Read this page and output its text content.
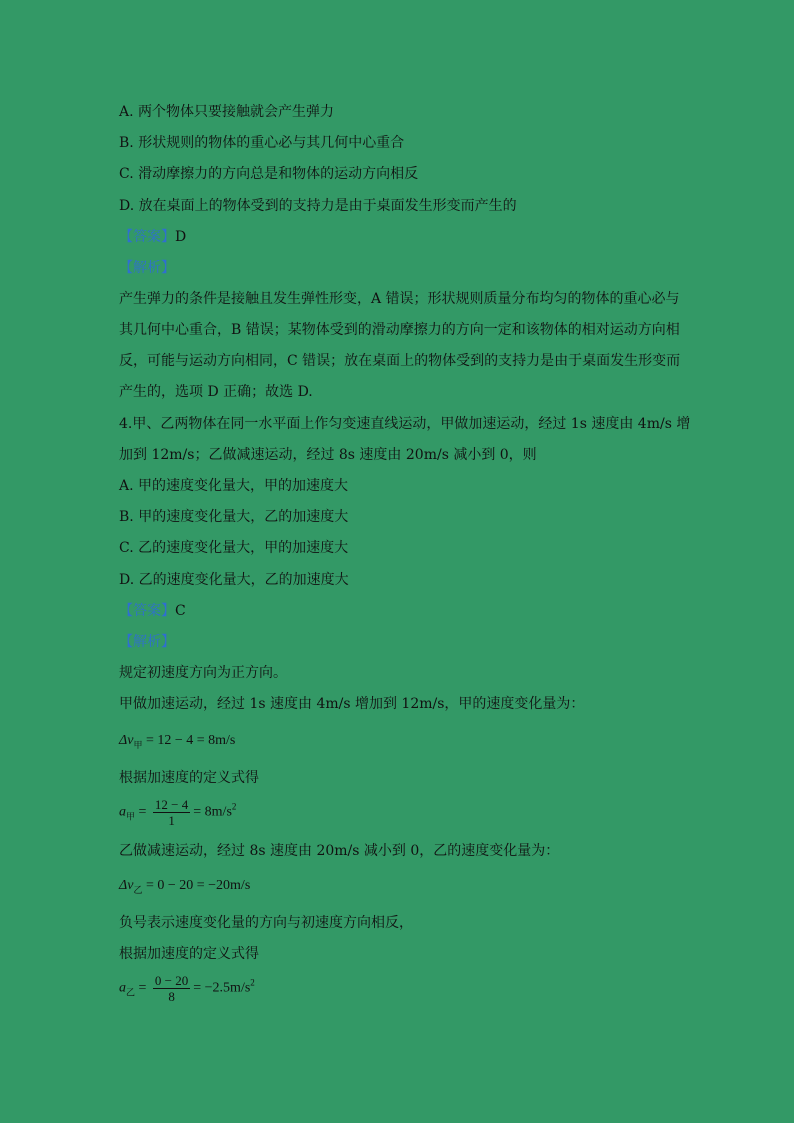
A. 两个物体只要接触就会产生弹力
B. 形状规则的物体的重心必与其几何中心重合
C. 滑动摩擦力的方向总是和物体的运动方向相反
D. 放在桌面上的物体受到的支持力是由于桌面发生形变而产生的
【答案】D
【解析】
产生弹力的条件是接触且发生弹性形变，A 错误；形状规则质量分布均匀的物体的重心必与
其几何中心重合，B 错误；某物体受到的滑动摩擦力的方向一定和该物体的相对运动方向相
反，可能与运动方向相同，C 错误；放在桌面上的物体受到的支持力是由于桌面发生形变而
产生的，选项 D 正确；故选 D.
4.甲、乙两物体在同一水平面上作匀变速直线运动，甲做加速运动，经过 1s 速度由 4m/s 增
加到 12m/s；乙做减速运动，经过 8s 速度由 20m/s 减小到 0，则
A. 甲的速度变化量大，甲的加速度大
B. 甲的速度变化量大，乙的加速度大
C. 乙的速度变化量大，甲的加速度大
D. 乙的速度变化量大，乙的加速度大
【答案】C
【解析】
规定初速度方向为正方向。
甲做加速运动，经过 1s 速度由 4m/s 增加到 12m/s，甲的速度变化量为：
$\Delta v_甲 = 12 - 4 = 8m/s$
根据加速度的定义式得
$a_甲 = \frac{12 - 4}{1} = 8m/s^2$
乙做减速运动，经过 8s 速度由 20m/s 减小到 0，乙的速度变化量为：
$\Delta v_乙 = 0 - 20 = -20m/s$
负号表示速度变化量的方向与初速度方向相反，
根据加速度的定义式得
$a_乙 = \frac{0 - 20}{8} = -2.5m/s^2$
